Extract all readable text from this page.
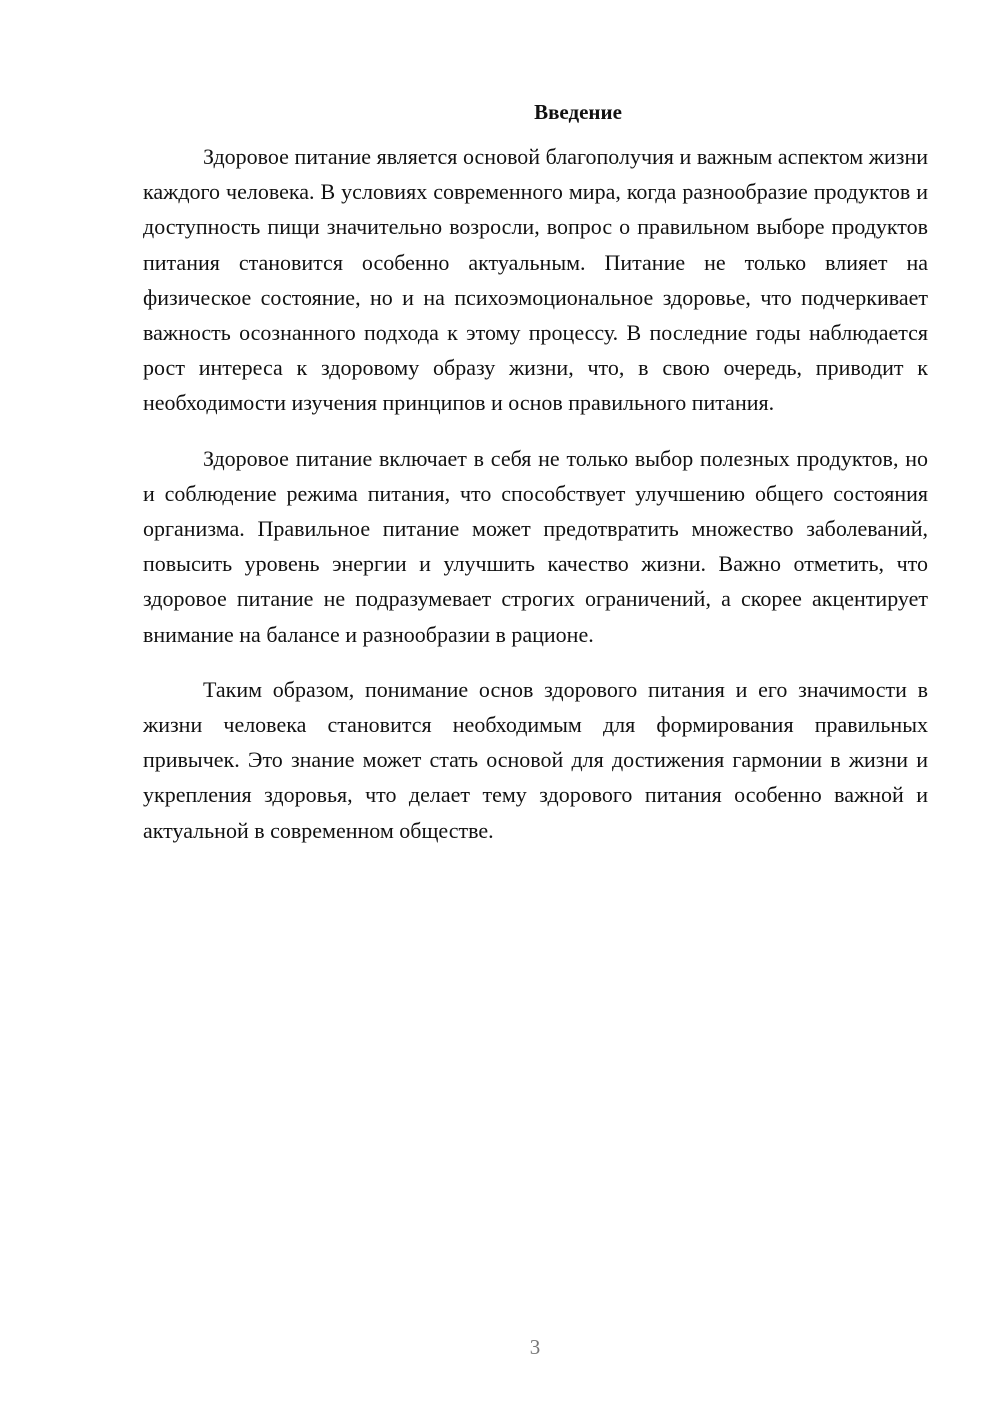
Введение

Здоровое питание является основой благополучия и важным аспектом жизни каждого человека. В условиях современного мира, когда разнообразие продуктов и доступность пищи значительно возросли, вопрос о правильном выборе продуктов питания становится особенно актуальным. Питание не только влияет на физическое состояние, но и на психоэмоциональное здоровье, что подчеркивает важность осознанного подхода к этому процессу. В последние годы наблюдается рост интереса к здоровому образу жизни, что, в свою очередь, приводит к необходимости изучения принципов и основ правильного питания.

Здоровое питание включает в себя не только выбор полезных продуктов, но и соблюдение режима питания, что способствует улучшению общего состояния организма. Правильное питание может предотвратить множество заболеваний, повысить уровень энергии и улучшить качество жизни. Важно отметить, что здоровое питание не подразумевает строгих ограничений, а скорее акцентирует внимание на балансе и разнообразии в рационе.

Таким образом, понимание основ здорового питания и его значимости в жизни человека становится необходимым для формирования правильных привычек. Это знание может стать основой для достижения гармонии в жизни и укрепления здоровья, что делает тему здорового питания особенно важной и актуальной в современном обществе.

3
